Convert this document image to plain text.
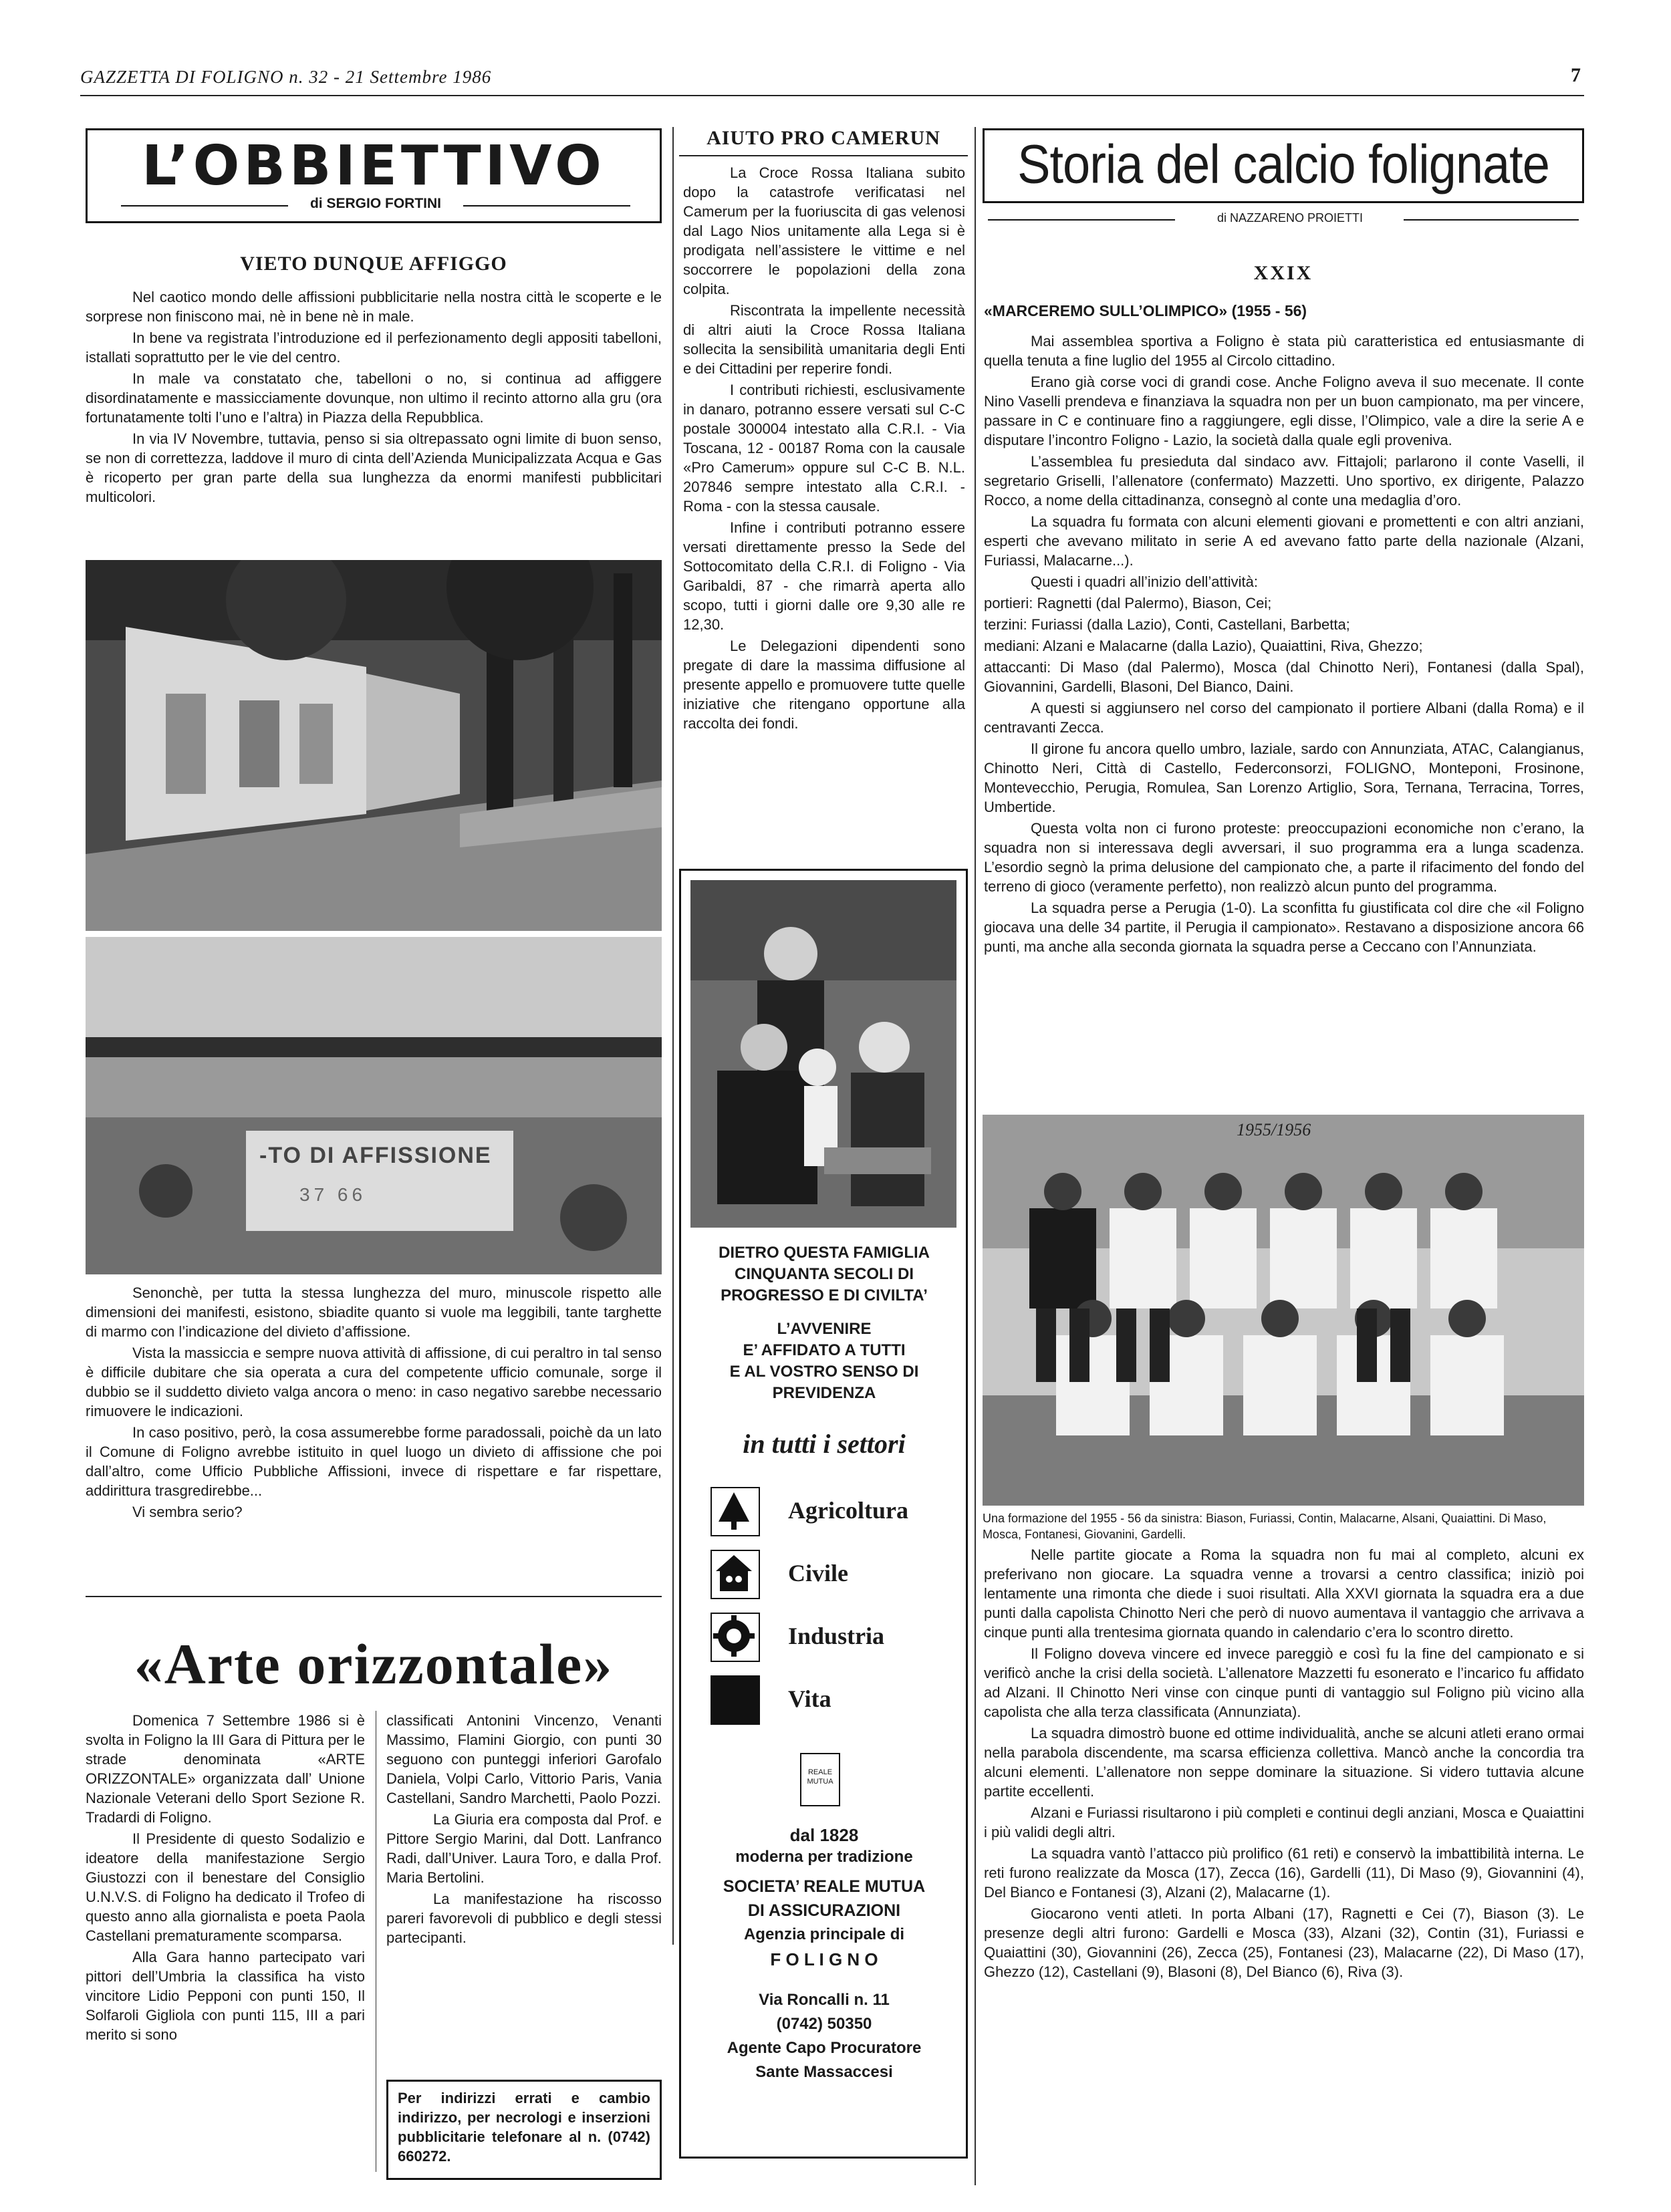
GAZZETTA DI FOLIGNO n. 32 - 21 Settembre 1986	7
L’OBBIETTIVO
di SERGIO FORTINI
VIETO DUNQUE AFFIGGO

Nel caotico mondo delle affissioni pubblicitarie nella nostra città le scoperte e le sorprese non finiscono mai, nè in bene nè in male.

In bene va registrata l’introduzione ed il perfezionamento degli appositi tabelloni, istallati soprattutto per le vie del centro.

In male va constatato che, tabelloni o no, si continua ad affiggere disordinatamente e massicciamente dovunque, non ultimo il recinto attorno alla gru (ora fortunatamente tolti l’uno e l’altra) in Piazza della Repubblica.

In via IV Novembre, tuttavia, penso si sia oltrepassato ogni limite di buon senso, se non di correttezza, laddove il muro di cinta dell’Azienda Municipalizzata Acqua e Gas è ricoperto per gran parte della sua lunghezza da enormi manifesti pubblicitari multicolori.

-TO DI AFFISSIONE
37 66

Senonchè, per tutta la stessa lunghezza del muro, minuscole rispetto alle dimensioni dei manifesti, esistono, sbiadite quanto si vuole ma leggibili, tante targhette di marmo con l’indicazione del divieto d’affissione.

Vista la massiccia e sempre nuova attività di affissione, di cui peraltro in tal senso è difficile dubitare che sia operata a cura del competente ufficio comunale, sorge il dubbio se il suddetto divieto valga ancora o meno: in caso negativo sarebbe necessario rimuovere le indicazioni.

In caso positivo, però, la cosa assumerebbe forme paradossali, poichè da un lato il Comune di Foligno avrebbe istituito in quel luogo un divieto di affissione che poi dall’altro, come Ufficio Pubbliche Affissioni, invece di rispettare e far rispettare, addirittura trasgredirebbe...

Vi sembra serio?

«Arte orizzontale»

Domenica 7 Settembre 1986 si è svolta in Foligno la III Gara di Pittura per le strade denominata «ARTE ORIZZONTALE» organizzata dall’ Unione Nazionale Veterani dello Sport Sezione R. Tradardi di Foligno.

Il Presidente di questo Sodalizio e ideatore della manifestazione Sergio Giustozzi con il benestare del Consiglio U.N.V.S. di Foligno ha dedicato il Trofeo di questo anno alla giornalista e poeta Paola Castellani prematuramente scomparsa.

Alla Gara hanno partecipato vari pittori dell’Umbria la classifica ha visto vincitore Lidio Pepponi con punti 150, Il Solfaroli Gigliola con punti 115, III a pari merito si sono

classificati Antonini Vincenzo, Venanti Massimo, Flamini Giorgio, con punti 30 seguono con punteggi inferiori Garofalo Daniela, Volpi Carlo, Vittorio Paris, Vania Castellani, Sandro Marchetti, Paolo Pozzi.

La Giuria era composta dal Prof. e Pittore Sergio Marini, dal Dott. Lanfranco Radi, dall’Univer. Laura Toro, e dalla Prof. Maria Bertolini.

La manifestazione ha riscosso pareri favorevoli di pubblico e degli stessi partecipanti.

Per indirizzi errati e cambio indirizzo, per necrologi e inserzioni pubblicitarie telefonare al n. (0742) 660272.
AIUTO PRO CAMERUN

La Croce Rossa Italiana subito dopo la catastrofe verificatasi nel Camerum per la fuoriuscita di gas velenosi dal Lago Nios unitamente alla Lega si è prodigata nell’assistere le vittime e nel soccorrere le popolazioni della zona colpita.

Riscontrata la impellente necessità di altri aiuti la Croce Rossa Italiana sollecita la sensibilità umanitaria degli Enti e dei Cittadini per reperire fondi.

I contributi richiesti, esclusivamente in danaro, potranno essere versati sul C-C postale 300004 intestato alla C.R.I. - Via Toscana, 12 - 00187 Roma con la causale «Pro Camerum» oppure sul C-C B. N.L. 207846 sempre intestato alla C.R.I. - Roma - con la stessa causale.

Infine i contributi potranno essere versati direttamente presso la Sede del Sottocomitato della C.R.I. di Foligno - Via Garibaldi, 87 - che rimarrà aperta allo scopo, tutti i giorni dalle ore 9,30 alle re 12,30.

Le Delegazioni dipendenti sono pregate di dare la massima diffusione al presente appello e promuovere tutte quelle iniziative che ritengano opportune alla raccolta dei fondi.

DIETRO QUESTA FAMIGLIA
CINQUANTA SECOLI DI
PROGRESSO E DI CIVILTA’
L’AVVENIRE
E’ AFFIDATO A TUTTI
E AL VOSTRO SENSO DI
PREVIDENZA
in tutti i settori
Agricoltura
Civile
Industria
Vita
REALE MUTUA
dal 1828
moderna per tradizione
SOCIETA’ REALE MUTUA
DI ASSICURAZIONI
Agenzia principale di
F O L I G N O
Via Roncalli n. 11
(0742) 50350
Agente Capo Procuratore
Sante Massaccesi
Storia del calcio folignate
di NAZZARENO PROIETTI
XXIX
«MARCEREMO SULL’OLIMPICO» (1955 - 56)

Mai assemblea sportiva a Foligno è stata più caratteristica ed entusiasmante di quella tenuta a fine luglio del 1955 al Circolo cittadino.

Erano già corse voci di grandi cose. Anche Foligno aveva il suo mecenate. Il conte Nino Vaselli prendeva e finanziava la squadra non per un buon campionato, ma per vincere, passare in C e continuare fino a raggiungere, egli disse, l’Olimpico, vale a dire la serie A e disputare l’incontro Foligno - Lazio, la società dalla quale egli proveniva.

L’assemblea fu presieduta dal sindaco avv. Fittajoli; parlarono il conte Vaselli, il segretario Griselli, l’allenatore (confermato) Mazzetti. Uno sportivo, ex dirigente, Palazzo Rocco, a nome della cittadinanza, consegnò al conte una medaglia d’oro.

La squadra fu formata con alcuni elementi giovani e promettenti e con altri anziani, esperti che avevano militato in serie A ed avevano fatto parte della nazionale (Alzani, Furiassi, Malacarne...).

Questi i quadri all’inizio dell’attività:

portieri: Ragnetti (dal Palermo), Biason, Cei;

terzini: Furiassi (dalla Lazio), Conti, Castellani, Barbetta;

mediani: Alzani e Malacarne (dalla Lazio), Quaiattini, Riva, Ghezzo;

attaccanti: Di Maso (dal Palermo), Mosca (dal Chinotto Neri), Fontanesi (dalla Spal), Giovannini, Gardelli, Blasoni, Del Bianco, Daini.

A questi si aggiunsero nel corso del campionato il portiere Albani (dalla Roma) e il centravanti Zecca.

Il girone fu ancora quello umbro, laziale, sardo con Annunziata, ATAC, Calangianus, Chinotto Neri, Città di Castello, Federconsorzi, FOLIGNO, Monteponi, Frosinone, Montevecchio, Perugia, Romulea, San Lorenzo Artiglio, Sora, Ternana, Terracina, Torres, Umbertide.

Questa volta non ci furono proteste: preoccupazioni economiche non c’erano, la squadra non si interessava degli avversari, il suo programma era a lunga scadenza. L’esordio segnò la prima delusione del campionato che, a parte il rifacimento del fondo del terreno di gioco (veramente perfetto), non realizzò alcun punto del programma.

La squadra perse a Perugia (1-0). La sconfitta fu giustificata col dire che «il Foligno giocava una delle 34 partite, il Perugia il campionato». Restavano a disposizione ancora 66 punti, ma anche alla seconda giornata la squadra perse a Ceccano con l’Annunziata.

1955/1956
Una formazione del 1955 - 56 da sinistra: Biason, Furiassi, Contin, Malacarne, Alsani, Quaiattini. Di Maso, Mosca, Fontanesi, Giovanini, Gardelli.

Nelle partite giocate a Roma la squadra non fu mai al completo, alcuni ex preferivano non giocare. La squadra venne a trovarsi a centro classifica; iniziò poi lentamente una rimonta che diede i suoi risultati. Alla XXVI giornata la squadra era a due punti dalla capolista Chinotto Neri che però di nuovo aumentava il vantaggio che arrivava a cinque punti alla trentesima giornata quando in calendario c’era lo scontro diretto.

Il Foligno doveva vincere ed invece pareggiò e così fu la fine del campionato e si verificò anche la crisi della società. L’allenatore Mazzetti fu esonerato e l’incarico fu affidato ad Alzani. Il Chinotto Neri vinse con cinque punti di vantaggio sul Foligno più vicino alla capolista che alla terza classificata (Annunziata).

La squadra dimostrò buone ed ottime individualità, anche se alcuni atleti erano ormai nella parabola discendente, ma scarsa efficienza collettiva. Mancò anche la concordia tra alcuni elementi. L’allenatore non seppe dominare la situazione. Si videro tuttavia alcune partite eccellenti.

Alzani e Furiassi risultarono i più completi e continui degli anziani, Mosca e Quaiattini i più validi degli altri.

La squadra vantò l’attacco più prolifico (61 reti) e conservò la imbattibilità interna. Le reti furono realizzate da Mosca (17), Zecca (16), Gardelli (11), Di Maso (9), Giovannini (4), Del Bianco e Fontanesi (3), Alzani (2), Malacarne (1).

Giocarono venti atleti. In porta Albani (17), Ragnetti e Cei (7), Biason (3). Le presenze degli altri furono: Gardelli e Mosca (33), Alzani (32), Contin (31), Furiassi e Quaiattini (30), Giovannini (26), Zecca (25), Fontanesi (23), Malacarne (22), Di Maso (17), Ghezzo (12), Castellani (9), Blasoni (8), Del Bianco (6), Riva (3).
